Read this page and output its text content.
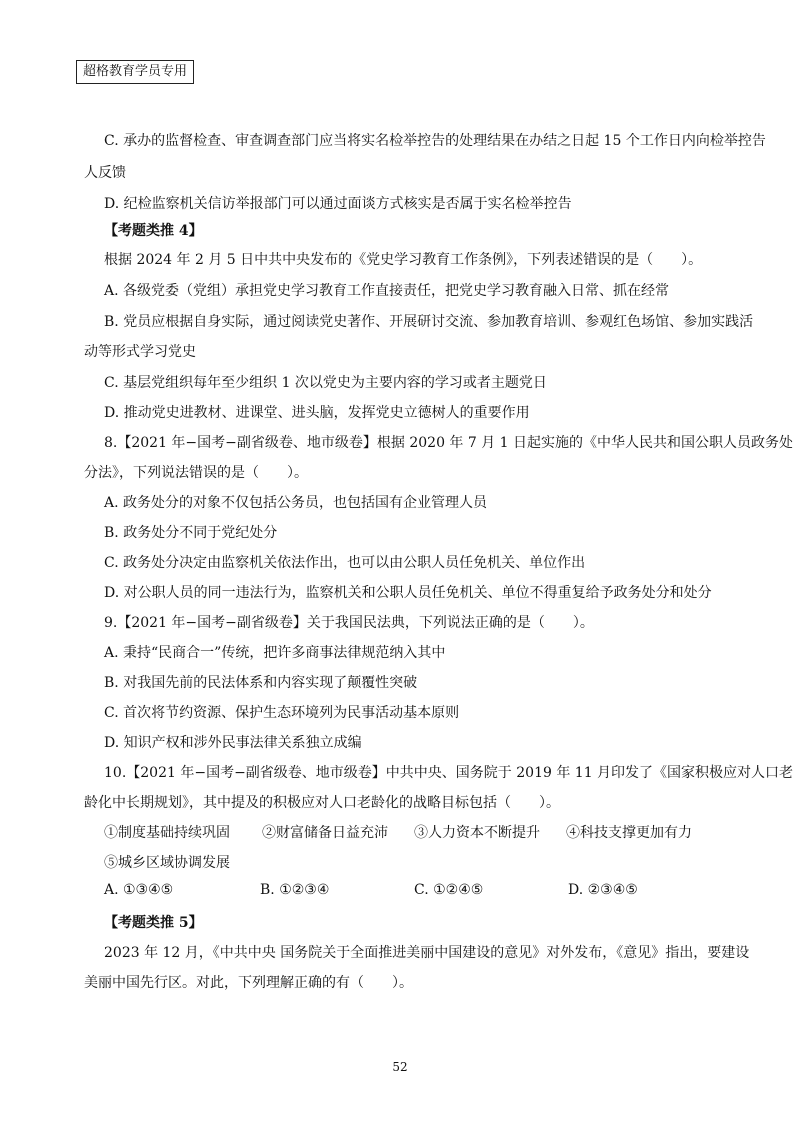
超格教育学员专用
C. 承办的监督检查、审查调查部门应当将实名检举控告的处理结果在办结之日起 15 个工作日内向检举控告
人反馈
D. 纪检监察机关信访举报部门可以通过面谈方式核实是否属于实名检举控告
【考题类推 4】
根据 2024 年 2 月 5 日中共中央发布的《党史学习教育工作条例》，下列表述错误的是（　　）。
A. 各级党委（党组）承担党史学习教育工作直接责任，把党史学习教育融入日常、抓在经常
B. 党员应根据自身实际，通过阅读党史著作、开展研讨交流、参加教育培训、参观红色场馆、参加实践活
动等形式学习党史
C. 基层党组织每年至少组织 1 次以党史为主要内容的学习或者主题党日
D. 推动党史进教材、进课堂、进头脑，发挥党史立德树人的重要作用
8.【2021 年−国考−副省级卷、地市级卷】根据 2020 年 7 月 1 日起实施的《中华人民共和国公职人员政务处
分法》，下列说法错误的是（　　）。
A. 政务处分的对象不仅包括公务员，也包括国有企业管理人员
B. 政务处分不同于党纪处分
C. 政务处分决定由监察机关依法作出，也可以由公职人员任免机关、单位作出
D. 对公职人员的同一违法行为，监察机关和公职人员任免机关、单位不得重复给予政务处分和处分
9.【2021 年−国考−副省级卷】关于我国民法典，下列说法正确的是（　　）。
A. 秉持“民商合一”传统，把许多商事法律规范纳入其中
B. 对我国先前的民法体系和内容实现了颠覆性突破
C. 首次将节约资源、保护生态环境列为民事活动基本原则
D. 知识产权和涉外民事法律关系独立成编
10.【2021 年−国考−副省级卷、地市级卷】中共中央、国务院于 2019 年 11 月印发了《国家积极应对人口老
龄化中长期规划》，其中提及的积极应对人口老龄化的战略目标包括（　　）。
①制度基础持续巩固 ②财富储备日益充沛 ③人力资本不断提升 ④科技支撑更加有力
⑤城乡区域协调发展
A. ①③④⑤	B. ①②③④	C. ①②④⑤	D. ②③④⑤
【考题类推 5】
2023 年 12 月，《中共中央 国务院关于全面推进美丽中国建设的意见》对外发布，《意见》指出，要建设
美丽中国先行区。对此，下列理解正确的有（　　）。
52
